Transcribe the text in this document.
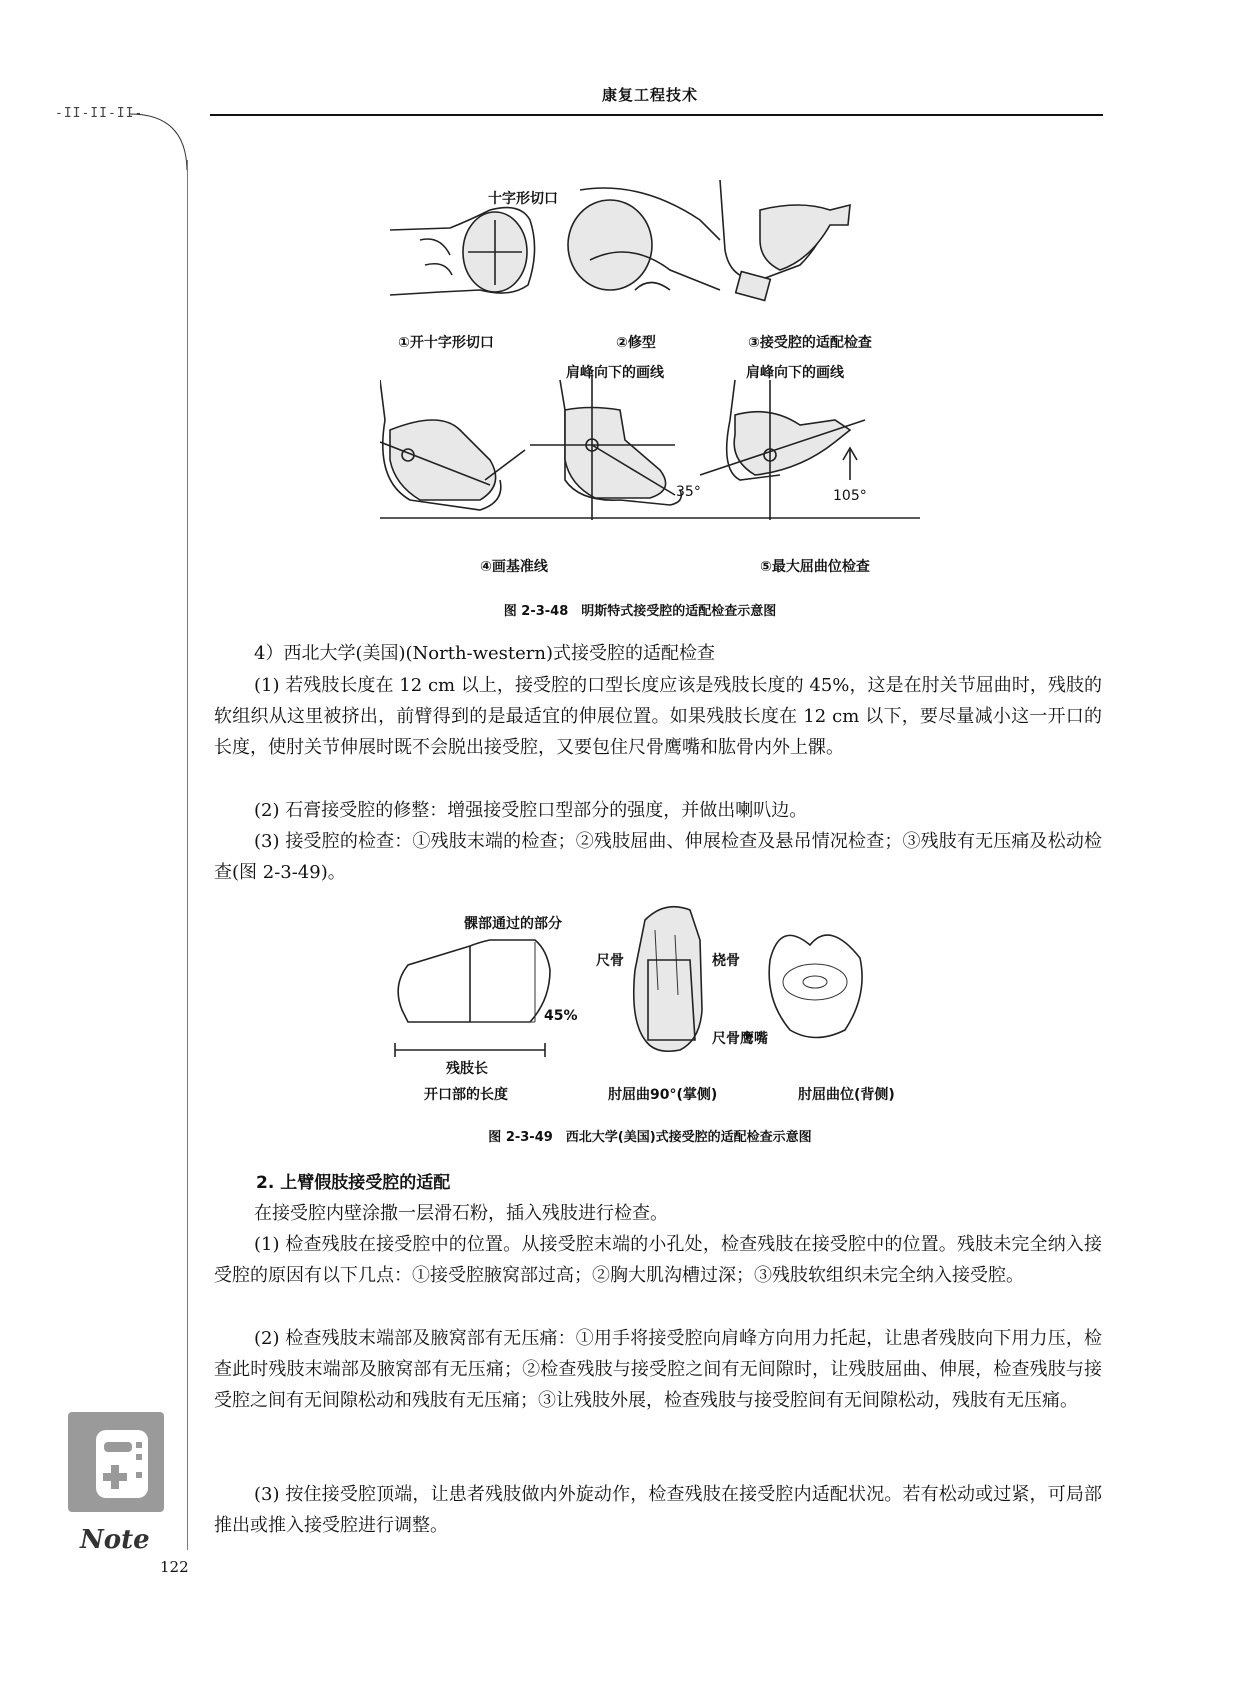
康复工程技术
-II-II-II-
十字形切口
①开十字形切口	②修型	③接受腔的适配检查
肩峰向下的画线	肩峰向下的画线
35°	105°
④画基准线	⑤最大屈曲位检查
图 2-3-48　明斯特式接受腔的适配检查示意图
4）西北大学(美国)(North-western)式接受腔的适配检查
(1) 若残肢长度在 12 cm 以上，接受腔的口型长度应该是残肢长度的 45%，这是在肘关节屈曲时，残肢的软组织从这里被挤出，前臂得到的是最适宜的伸展位置。如果残肢长度在 12 cm 以下，要尽量减小这一开口的长度，使肘关节伸展时既不会脱出接受腔，又要包住尺骨鹰嘴和肱骨内外上髁。
(2) 石膏接受腔的修整：增强接受腔口型部分的强度，并做出喇叭边。
(3) 接受腔的检查：①残肢末端的检查；②残肢屈曲、伸展检查及悬吊情况检查；③残肢有无压痛及松动检查(图 2-3-49)。
髁部通过的部分
45%
残肢长
开口部的长度
尺骨	桡骨
尺骨鹰嘴
肘屈曲90°(掌侧)	肘屈曲位(背侧)
图 2-3-49　西北大学(美国)式接受腔的适配检查示意图
2. 上臂假肢接受腔的适配
在接受腔内壁涂撒一层滑石粉，插入残肢进行检查。
(1) 检查残肢在接受腔中的位置。从接受腔末端的小孔处，检查残肢在接受腔中的位置。残肢未完全纳入接受腔的原因有以下几点：①接受腔腋窝部过高；②胸大肌沟槽过深；③残肢软组织未完全纳入接受腔。
(2) 检查残肢末端部及腋窝部有无压痛：①用手将接受腔向肩峰方向用力托起，让患者残肢向下用力压，检查此时残肢末端部及腋窝部有无压痛；②检查残肢与接受腔之间有无间隙时，让残肢屈曲、伸展，检查残肢与接受腔之间有无间隙松动和残肢有无压痛；③让残肢外展，检查残肢与接受腔间有无间隙松动，残肢有无压痛。
(3) 按住接受腔顶端，让患者残肢做内外旋动作，检查残肢在接受腔内适配状况。若有松动或过紧，可局部推出或推入接受腔进行调整。
Note
122
